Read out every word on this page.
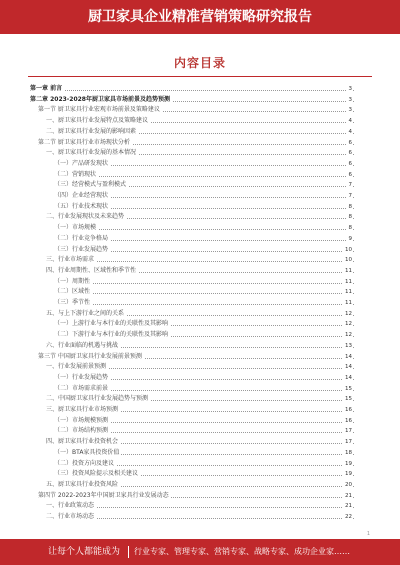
厨卫家具企业精准营销策略研究报告
内容目录
第一章 前言	3
第二章 2023-2028年厨卫家具市场前景及趋势预测	3
第一节 厨卫家具行业宏观市场前景及策略建议	3
一、厨卫家具行业发展特点及策略建议	4
二、厨卫家具行业发展的影响因素	4
第二节 厨卫家具行业市场现状分析	6
一、厨卫家具行业发展的基本情况	6
（一）产品研发现状	6
（二）营销现状	6
（三）经营模式与盈利模式	7
（四）企业经营现状	7
（五）行业技术现状	8
二、行业发展现状及未来趋势	8
（一）市场规模	8
（二）行业竞争格局	9
（三）行业发展趋势	10
三、行业市场需求	10
四、行业周期性、区域性和季节性	11
（一）周期性	11
（二）区域性	11
（三）季节性	11
五、与上下游行业之间的关系	12
（一）上游行业与本行业的关联性及其影响	12
（二）下游行业与本行业的关联性及其影响	12
六、行业面临的机遇与挑战	13
第三节 中国厨卫家具行业发展前景预测	14
一、行业发展前景预测	14
（一）行业发展趋势	14
（二）市场需求前景	15
二、中国厨卫家具行业发展趋势与预测	15
三、厨卫家具行业市场预测	16
（一）市场规模预测	16
（二）市场结构预测	17
四、厨卫家具行业投资机会	17
（一）BTA家具投资价值	18
（二）投资方向及建议	19
（三）投资风险提示及相关建议	19
五、厨卫家具行业投资风险	20
第四节 2022-2023年中国厨卫家具行业发展动态	21
一、行业政策动态	21
二、行业市场动态	22
1
让每个人都能成为 行业专家、管理专家、营销专家、战略专家、成功企业家……
